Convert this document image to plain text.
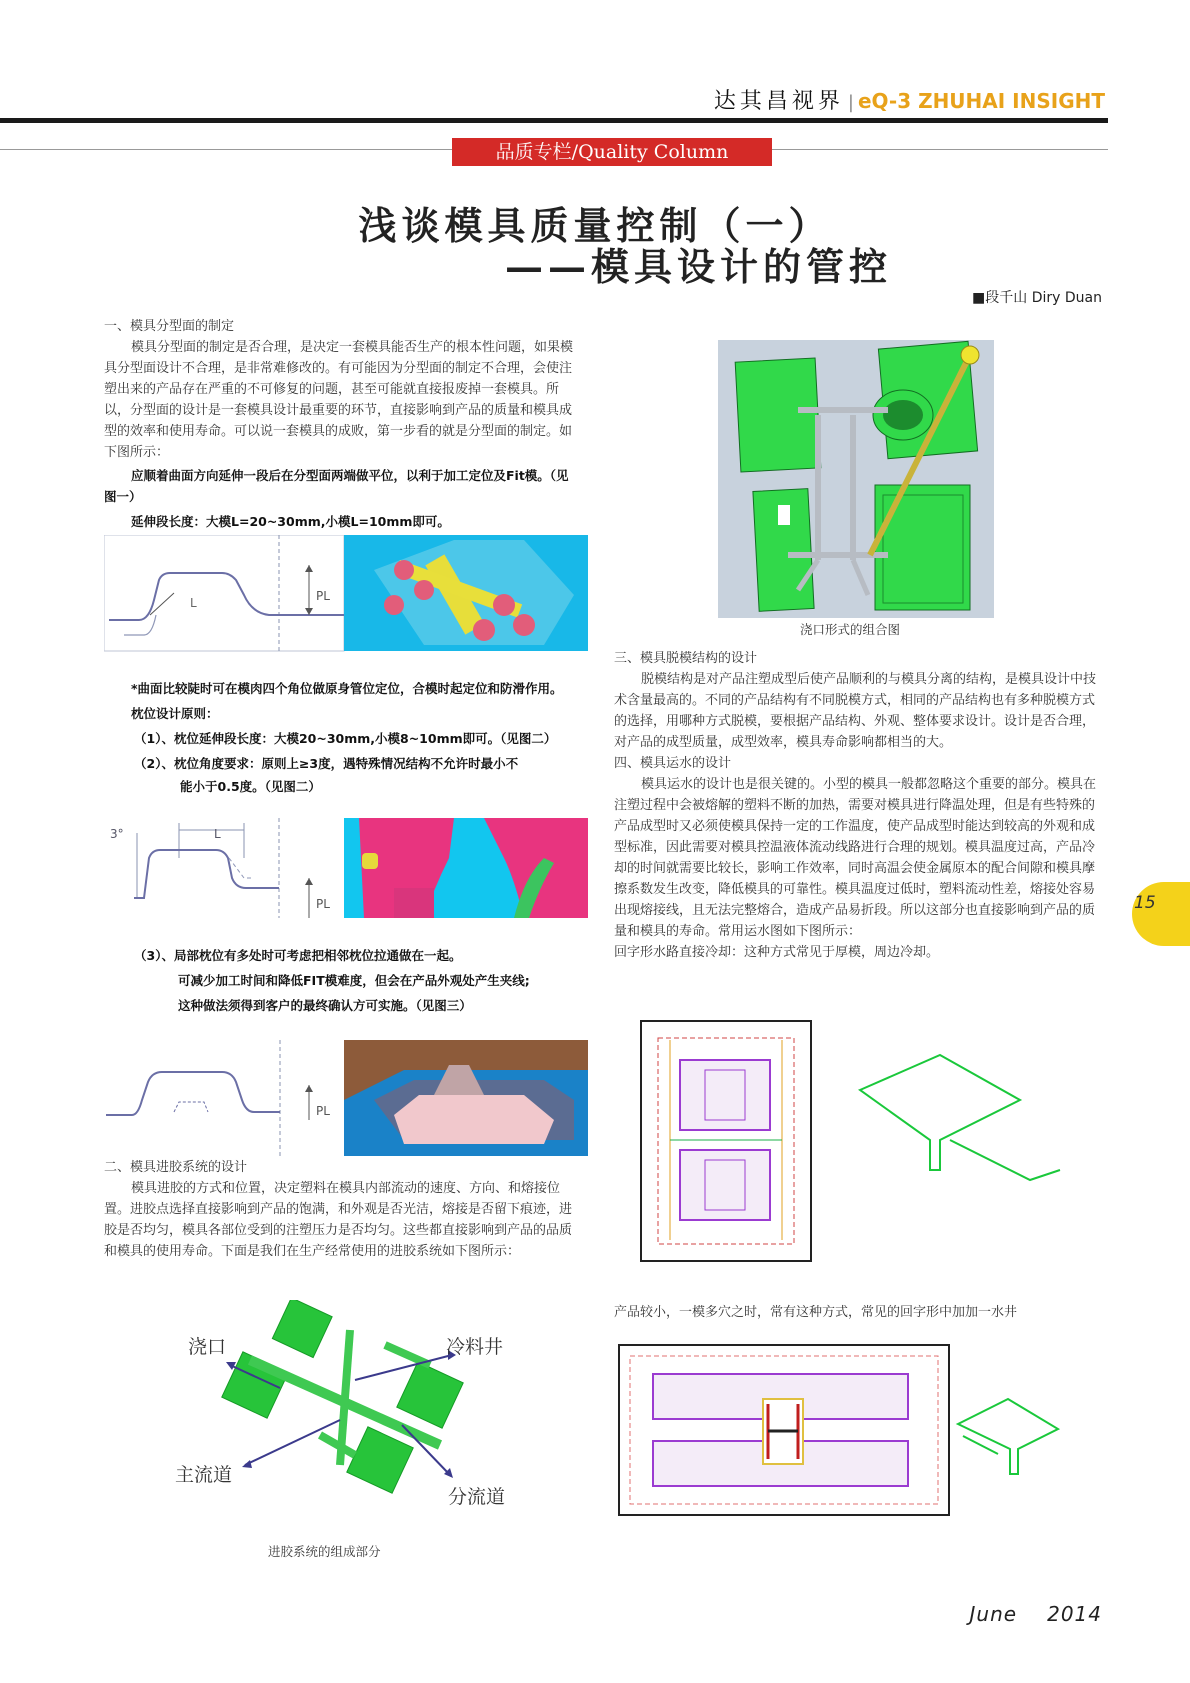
达其昌视界 | eQ-3 ZHUHAI INSIGHT
品质专栏/Quality Column
浅谈模具质量控制（一）
——模具设计的管控
■段千山 Diry Duan

一、模具分型面的制定

模具分型面的制定是否合理，是决定一套模具能否生产的根本性问题，如果模具分型面设计不合理，是非常难修改的。有可能因为分型面的制定不合理，会使注塑出来的产品存在严重的不可修复的问题，甚至可能就直接报废掉一套模具。所以，分型面的设计是一套模具设计最重要的环节，直接影响到产品的质量和模具成型的效率和使用寿命。可以说一套模具的成败，第一步看的就是分型面的制定。如下图所示：

应顺着曲面方向延伸一段后在分型面两端做平位，以利于加工定位及Fit模。（见图一）

延伸段长度：大模L=20~30mm,小模L=10mm即可。

L	PL

*曲面比较陡时可在模肉四个角位做原身管位定位，合模时起定位和防滑作用。

枕位设计原则：

（1）、枕位延伸段长度：大模20~30mm,小模8~10mm即可。（见图二）

（2）、枕位角度要求：原则上≥3度，遇特殊情况结构不允许时最小不

能小于0.5度。（见图二）

3°	L
PL

（3）、局部枕位有多处时可考虑把相邻枕位拉通做在一起。

可减少加工时间和降低FIT模难度，但会在产品外观处产生夹线;

这种做法须得到客户的最终确认方可实施。（见图三）

PL

二、模具进胶系统的设计

模具进胶的方式和位置，决定塑料在模具内部流动的速度、方向、和熔接位置。进胶点选择直接影响到产品的饱满，和外观是否光洁，熔接是否留下痕迹，进胶是否均匀，模具各部位受到的注塑压力是否均匀。这些都直接影响到产品的品质和模具的使用寿命。下面是我们在生产经常使用的进胶系统如下图所示：

浇口	冷料井
主流道
分流道
进胶系统的组成部分
浇口形式的组合图

三、模具脱模结构的设计

脱模结构是对产品注塑成型后使产品顺利的与模具分离的结构，是模具设计中技术含量最高的。不同的产品结构有不同脱模方式，相同的产品结构也有多种脱模方式的选择，用哪种方式脱模，要根据产品结构、外观、整体要求设计。设计是否合理，对产品的成型质量，成型效率，模具寿命影响都相当的大。

四、模具运水的设计

模具运水的设计也是很关键的。小型的模具一般都忽略这个重要的部分。模具在注塑过程中会被熔解的塑料不断的加热，需要对模具进行降温处理，但是有些特殊的产品成型时又必须使模具保持一定的工作温度，使产品成型时能达到较高的外观和成型标准，因此需要对模具控温液体流动线路进行合理的规划。模具温度过高，产品冷却的时间就需要比较长，影响工作效率，同时高温会使金属原本的配合间隙和模具摩擦系数发生改变，降低模具的可靠性。模具温度过低时，塑料流动性差，熔接处容易出现熔接线，且无法完整熔合，造成产品易折段。所以这部分也直接影响到产品的质量和模具的寿命。常用运水图如下图所示：

回字形水路直接冷却：这种方式常见于厚模，周边冷却。

产品较小，一模多穴之时，常有这种方式，常见的回字形中加加一水井

15
June 2014
